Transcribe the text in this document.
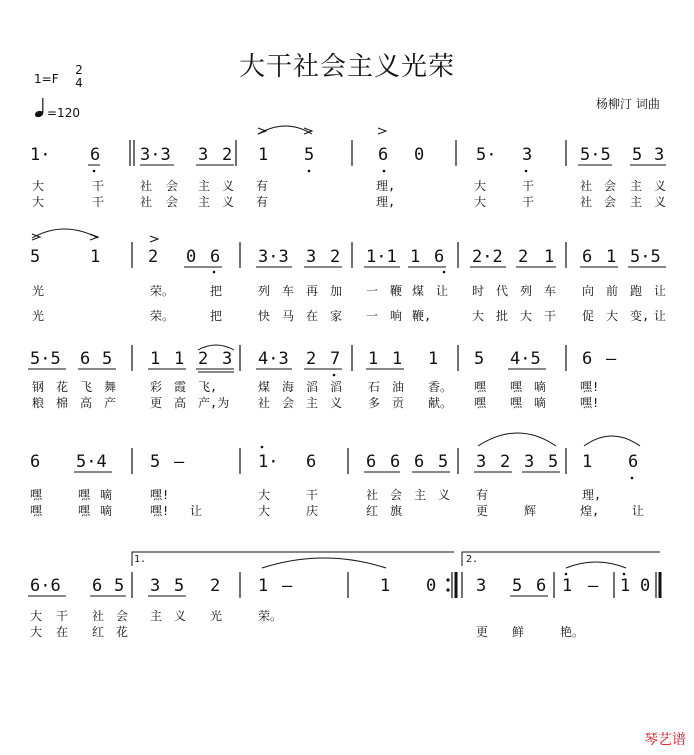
大干社会主义光荣
1=F
2
4
=120
杨柳汀 词曲
1· 6 3·3 3 2 1 5	6 0	5· 3	5·5 5 3
大	干	社 会 主 义 有	理,	大	干	社 会 主 义
大	干	社 会 主 义 有	理,	大	干	社 会 主 义
5	1	2 0 6 3·3 3 2 1·1 1 6 2·2 2 1 6 1 5·5
光	荣。	把	列 车 再 加 一 鞭 煤 让 时 代 列 车 向 前 跑 让
光	荣。	把	快 马 在 家 一 响 鞭,	大 批 大 干 促 大 变, 让
5·5 6 5 1 1 2 3 4·3 2 7 1 1 1 5 4·5 6 –
钢 花 飞 舞	彩 霞 飞,	煤 海 滔 滔 石 油 香。 嘿 嘿 嘀	嘿!
粮 棉 高 产	更 高 产,为 社 会 主 义 多 贡 献。 嘿 嘿 嘀	嘿!
6 5·4	5 –	1· 6	6 6 6 5 3 2 3 5 1 6
嘿	嘿 嘀	嘿!	大	干	社 会 主 义 有	理,
嘿	嘿 嘀	嘿! 让	大	庆	红 旗	更	辉	煌,	让
1.	2.
6·6 6 5 3 5 2 1 –	1 0 3 5 6 1 – 1 0
大 干 社 会 主 义 光	荣。
大 在 红 花	更 鲜	艳。
琴艺谱
